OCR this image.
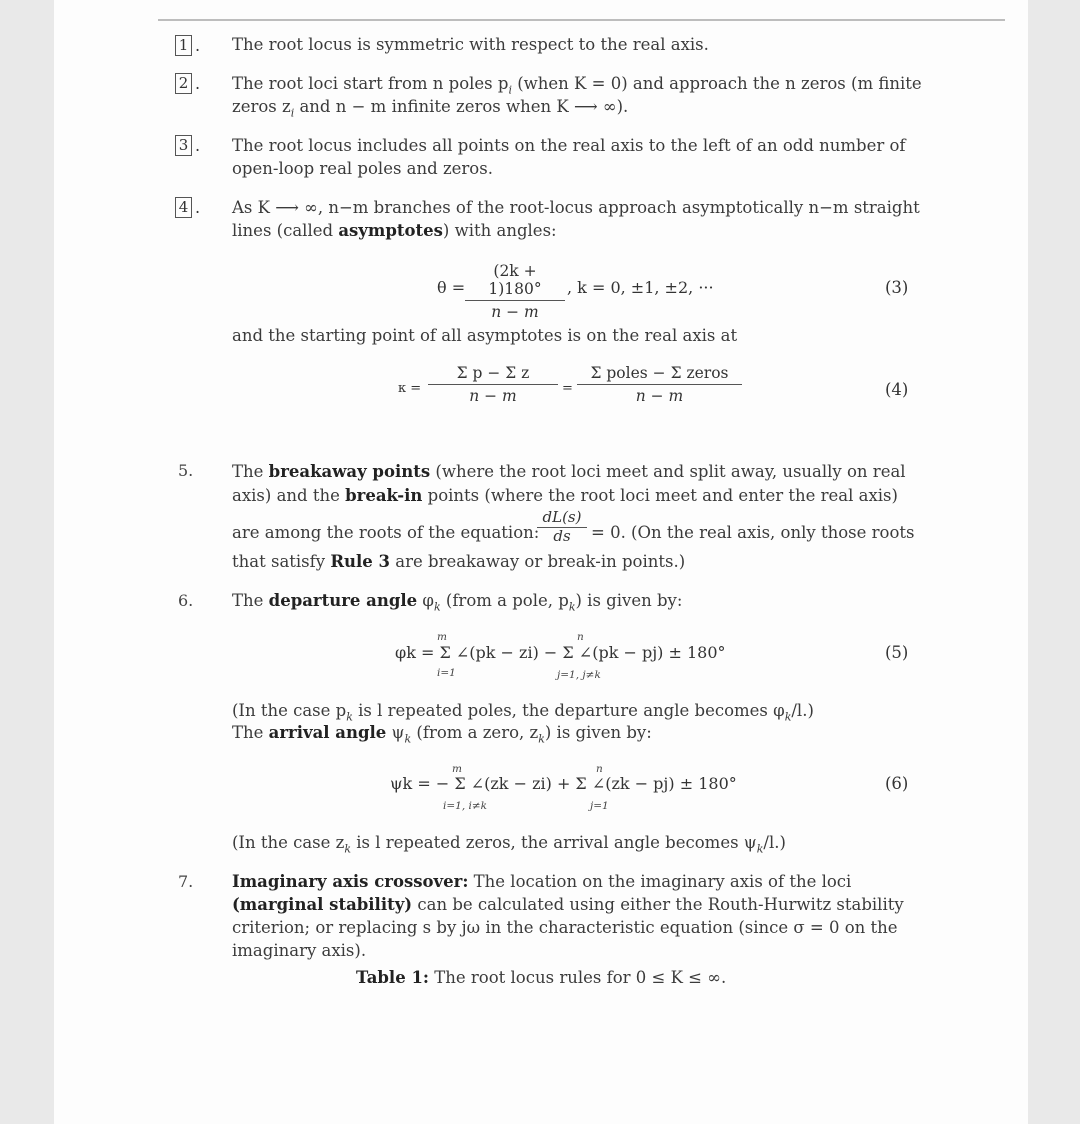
1 . The root locus is symmetric with respect to the real axis.
2 . The root loci start from n poles $p_i$ (when K = 0) and approach the n zeros (m finite
zeros $z_i$ and n − m infinite zeros when K ⟶ ∞).
3 . The root locus includes all points on the real axis to the left of an odd number of
open-loop real poles and zeros.
4 . As K ⟶ ∞, n−m branches of the root-locus approach asymptotically n−m straight
lines (called asymptotes) with angles:
θ =
(2k + 1)180°
n − m
, k = 0, ±1, ±2, ···	(3)
and the starting point of all asymptotes is on the real axis at
κ =
Σ p − Σ z
n − m	=
Σ poles − Σ zeros
n − m	(4)
5. The breakaway points (where the root loci meet and split away, usually on real
axis) and the break-in points (where the root loci meet and enter the real axis)
are among the roots of the equation:
dL(s)
ds	= 0. (On the real axis, only those roots
that satisfy Rule 3 are breakaway or break-in points.)
6. The departure angle $\varphi_k$ (from a pole, $p_k$) is given by:
m	n
φk = Σ ∠(pk − zi) − Σ ∠(pk − pj) ± 180°
i=1	j=1, j≠k
(5)
(In the case $p_k$ is l repeated poles, the departure angle becomes $\varphi_k/l$.)
The arrival angle $\psi_k$ (from a zero, $z_k$) is given by:
m	n
ψk = − Σ ∠(zk − zi) + Σ ∠(zk − pj) ± 180°
i=1, i≠k	j=1
(6)
(In the case $z_k$ is l repeated zeros, the arrival angle becomes $\psi_k/l$.)
7. Imaginary axis crossover: The location on the imaginary axis of the loci
(marginal stability) can be calculated using either the Routh-Hurwitz stability
criterion; or replacing s by jω in the characteristic equation (since σ = 0 on the
imaginary axis).
Table 1: The root locus rules for 0 ≤ K ≤ ∞.
